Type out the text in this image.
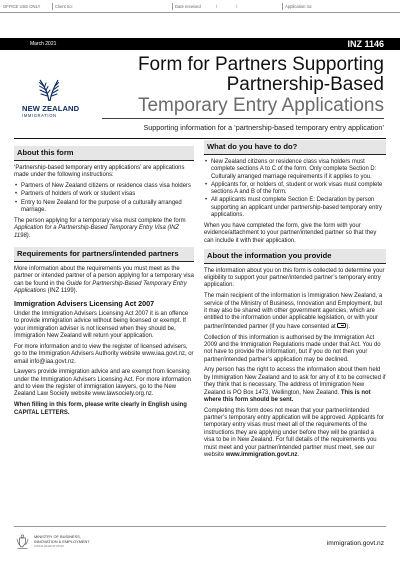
OFFICE USE ONLY	Client no:	Date received	/	/	Application no:
March 2021	INZ 1146
NEW ZEALAND
IMMIGRATION
Form for Partners Supporting
Partnership-Based
Temporary Entry Applications
Supporting information for a ‘partnership-based temporary entry application’
About this form

‘Partnership-based temporary entry applications’ are applications made under the following instructions:

• Partners of New Zealand citizens or residence class visa holders
• Partners of holders of work or student visas
• Entry to New Zealand for the purpose of a culturally arranged marriage.

The person applying for a temporary visa must complete the form Application for a Partnership-Based Temporary Entry Visa (INZ 1198).

Requirements for partners/intended partners

More information about the requirements you must meet as the partner or intended partner of a person applying for a temporary visa can be found in the Guide for Partnership-Based Temporary Entry Applications (INZ 1199).

Immigration Advisers Licensing Act 2007

Under the Immigration Advisers Licensing Act 2007 it is an offence to provide immigration advice without being licensed or exempt. If your immigration adviser is not licensed when they should be, Immigration New Zealand will return your application.

For more information and to view the register of licensed advisers, go to the Immigration Advisers Authority website www.iaa.govt.nz, or email info@iaa.govt.nz.

Lawyers provide immigration advice and are exempt from licensing under the Immigration Advisers Licensing Act. For more information and to view the register of immigration lawyers, go to the New Zealand Law Society website www.lawsociety.org.nz.

When filling in this form, please write clearly in English using CAPITAL LETTERS.

What do you have to do?
• New Zealand citizens or residence class visa holders must complete sections A to C of the form. Only complete Section D: Culturally arranged marriage requirements if it applies to you.
• Applicants for, or holders of, student or work visas must complete sections A and B of the form.
• All applicants must complete Section E: Declaration by person supporting an applicant under partnership-based temporary entry applications.

When you have completed the form, give the form with your evidence/attachment to your partner/intended partner so that they can include it with their application.

About the information you provide

The information about you on this form is collected to determine your eligibility to support your partner/intended partner’s temporary entry application.

The main recipient of the information is Immigration New Zealand, a service of the Ministry of Business, Innovation and Employment, but it may also be shared with other government agencies, which are entitled to the information under applicable legislation, or with your partner/intended partner (if you have consented at ).

Collection of this information is authorised by the Immigration Act 2009 and the Immigration Regulations made under that Act. You do not have to provide the information, but if you do not then your partner/intended partner’s application may be declined.

Any person has the right to access the information about them held by Immigration New Zealand and to ask for any of it to be corrected if they think that is necessary. The address of Immigration New Zealand is PO Box 1473, Wellington, New Zealand. This is not where this form should be sent.

Completing this form does not mean that your partner/intended partner’s temporary entry application will be approved. Applicants for temporary entry visas must meet all of the requirements of the instructions they are applying under before they will be granted a visa to be in New Zealand. For full details of the requirements you must meet and your partner/intended partner must meet, see our website www.immigration.govt.nz.

MINISTRY OF BUSINESS,
INNOVATION & EMPLOYMENT
HIKINA WHAKATUTUKI	immigration.govt.nz
